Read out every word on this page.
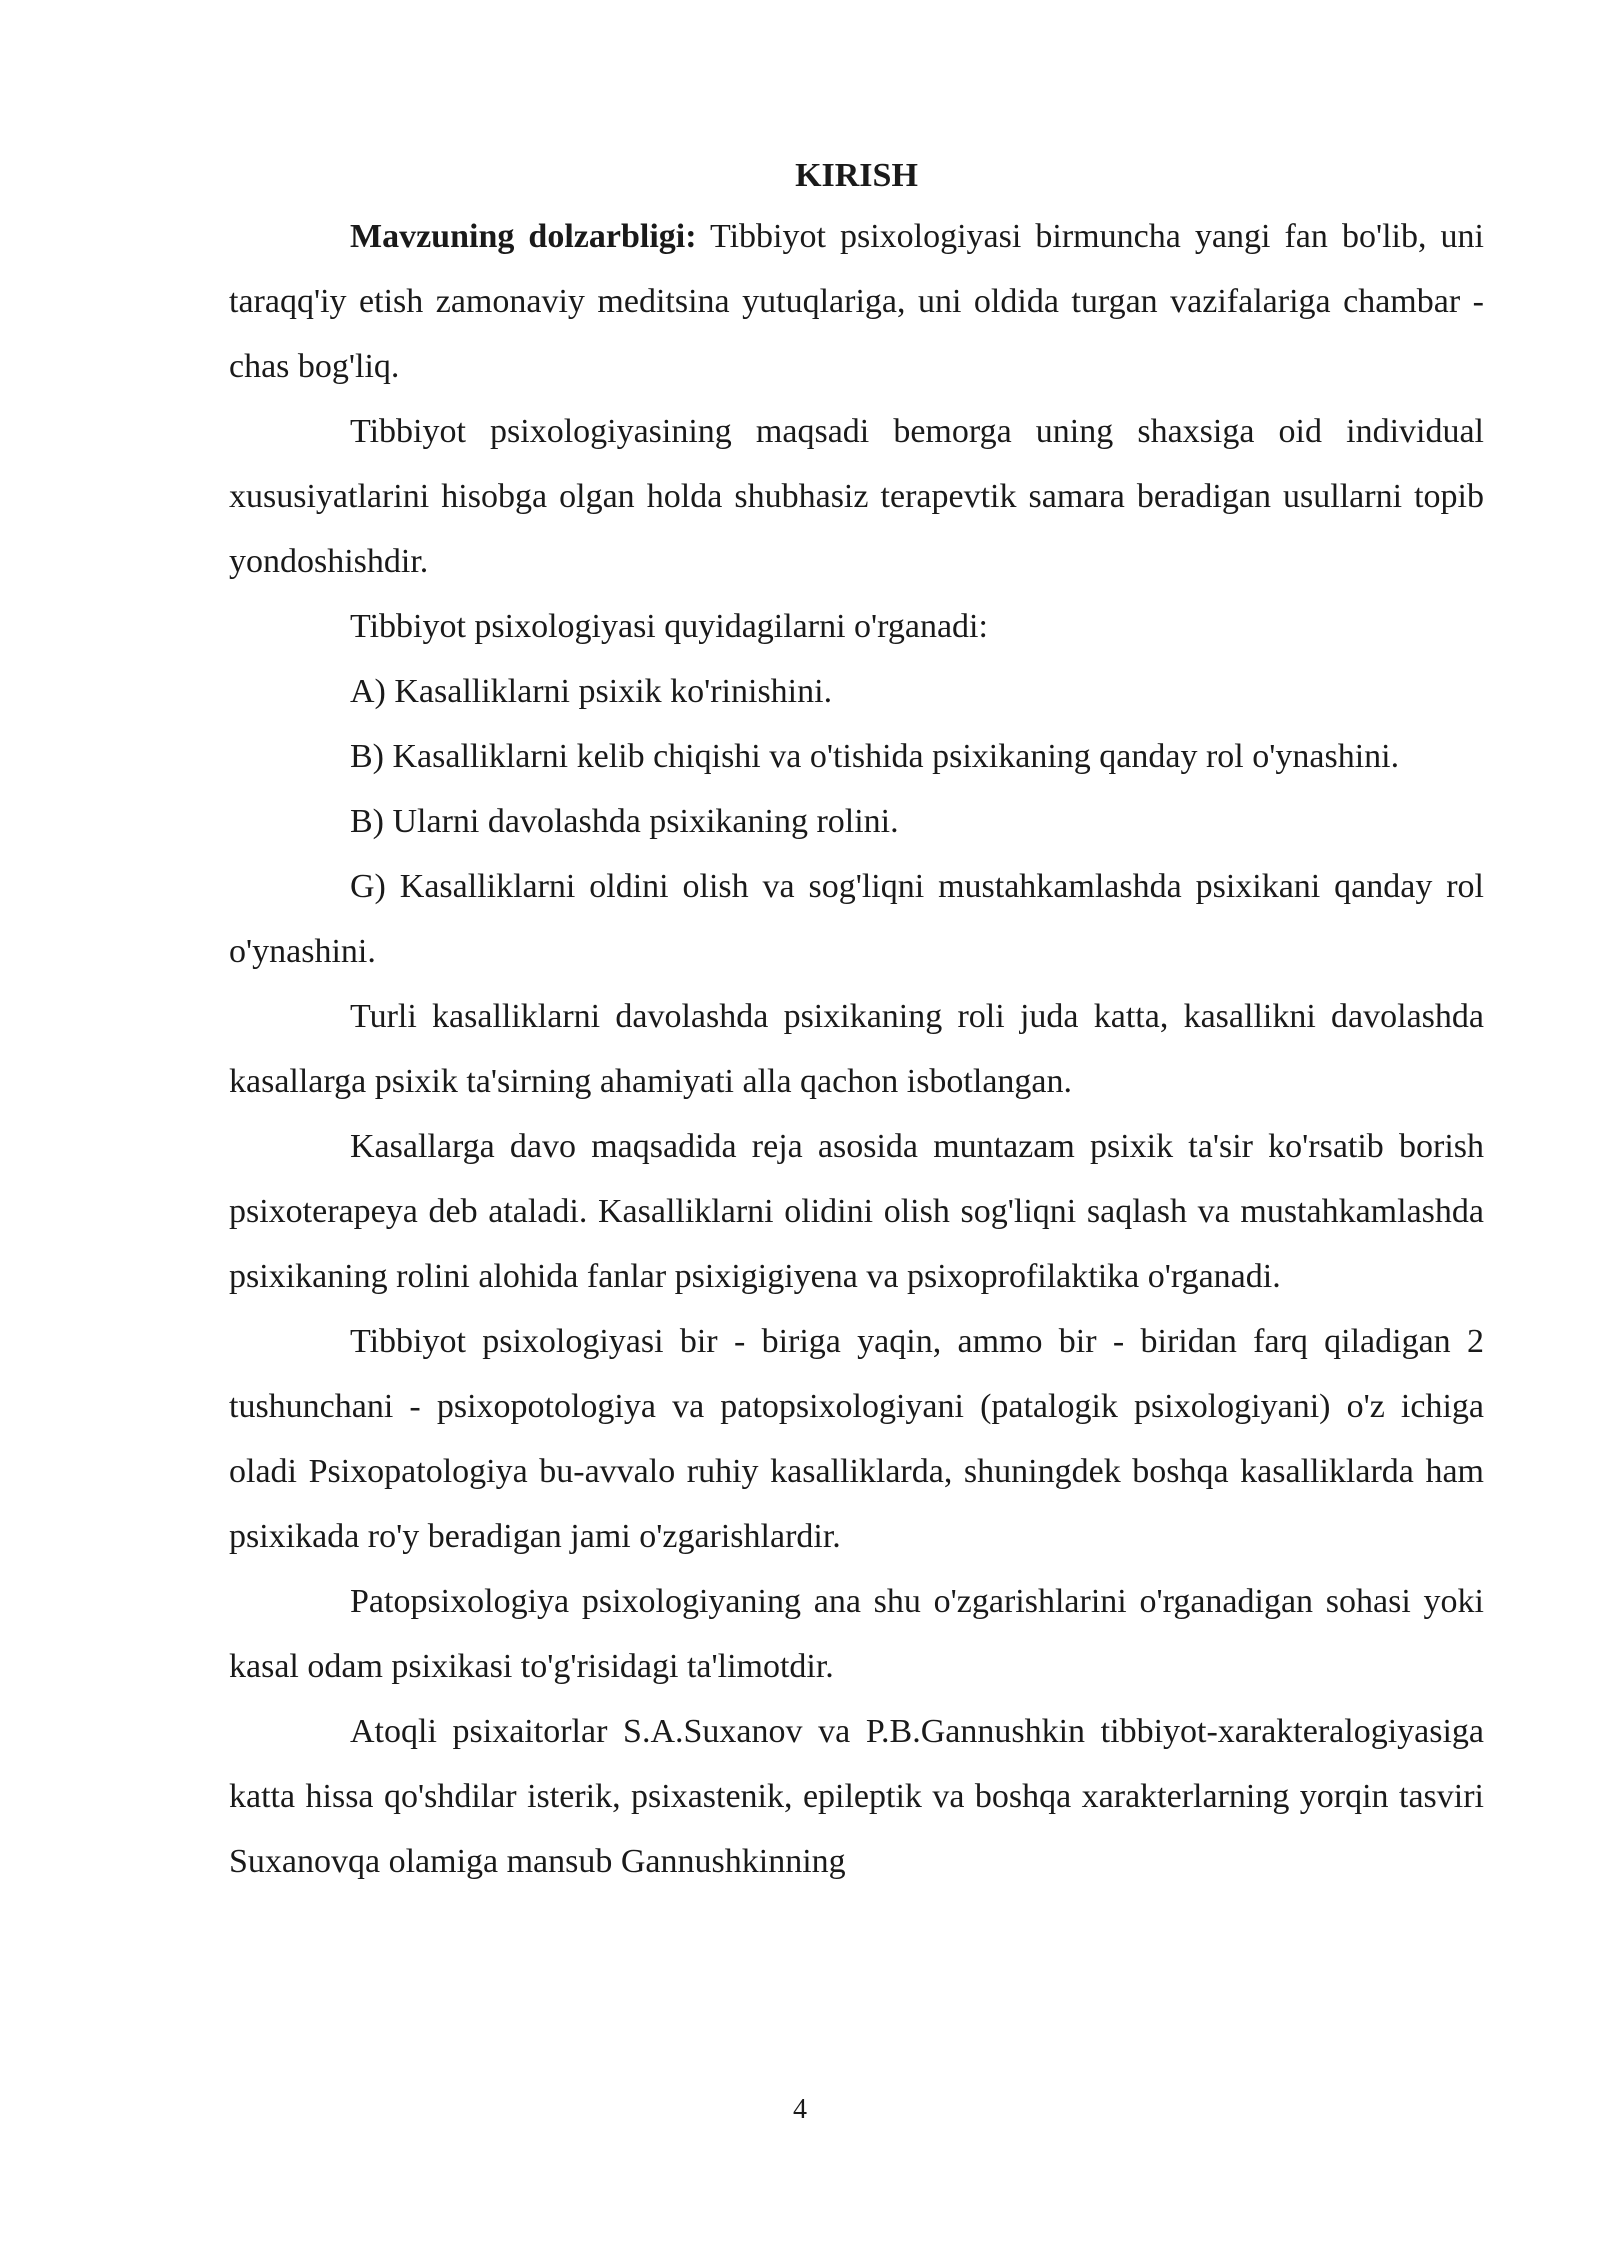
KIRISH

Mavzuning dolzarbligi: Tibbiyot psixologiyasi birmuncha yangi fan bo'lib, uni taraqq'iy etish zamonaviy meditsina yutuqlariga, uni oldida turgan vazifalariga chambar - chas bog'liq.

Tibbiyot psixologiyasining maqsadi bemorga uning shaxsiga oid individual xususiyatlarini hisobga olgan holda shubhasiz terapevtik samara beradigan usullarni topib yondoshishdir.

Tibbiyot psixologiyasi quyidagilarni o'rganadi:

A) Kasalliklarni psixik ko'rinishini.

B) Kasalliklarni kelib chiqishi va o'tishida psixikaning qanday rol o'ynashini.

B) Ularni davolashda psixikaning rolini.

G) Kasalliklarni oldini olish va sog'liqni mustahkamlashda psixikani qanday rol o'ynashini.

Turli kasalliklarni davolashda psixikaning roli juda katta, kasallikni davolashda kasallarga psixik ta'sirning ahamiyati alla qachon isbotlangan.

Kasallarga davo maqsadida reja asosida muntazam psixik ta'sir ko'rsatib borish psixoterapeya deb ataladi. Kasalliklarni olidini olish sog'liqni saqlash va mustahkamlashda psixikaning rolini alohida fanlar psixigigiyena va psixoprofilaktika o'rganadi.

Tibbiyot psixologiyasi bir - biriga yaqin, ammo bir - biridan farq qiladigan 2 tushunchani - psixopotologiya va patopsixologiyani (patalogik psixologiyani) o'z ichiga oladi Psixopatologiya bu-avvalo ruhiy kasalliklarda, shuningdek boshqa kasalliklarda ham psixikada ro'y beradigan jami o'zgarishlardir.

Patopsixologiya psixologiyaning ana shu o'zgarishlarini o'rganadigan sohasi yoki kasal odam psixikasi to'g'risidagi ta'limotdir.

Atoqli psixaitorlar S.A.Suxanov va P.B.Gannushkin tibbiyot-xarakteralogiyasiga katta hissa qo'shdilar isterik, psixastenik, epileptik va boshqa xarakterlarning yorqin tasviri Suxanovqa olamiga mansub Gannushkinning

4
